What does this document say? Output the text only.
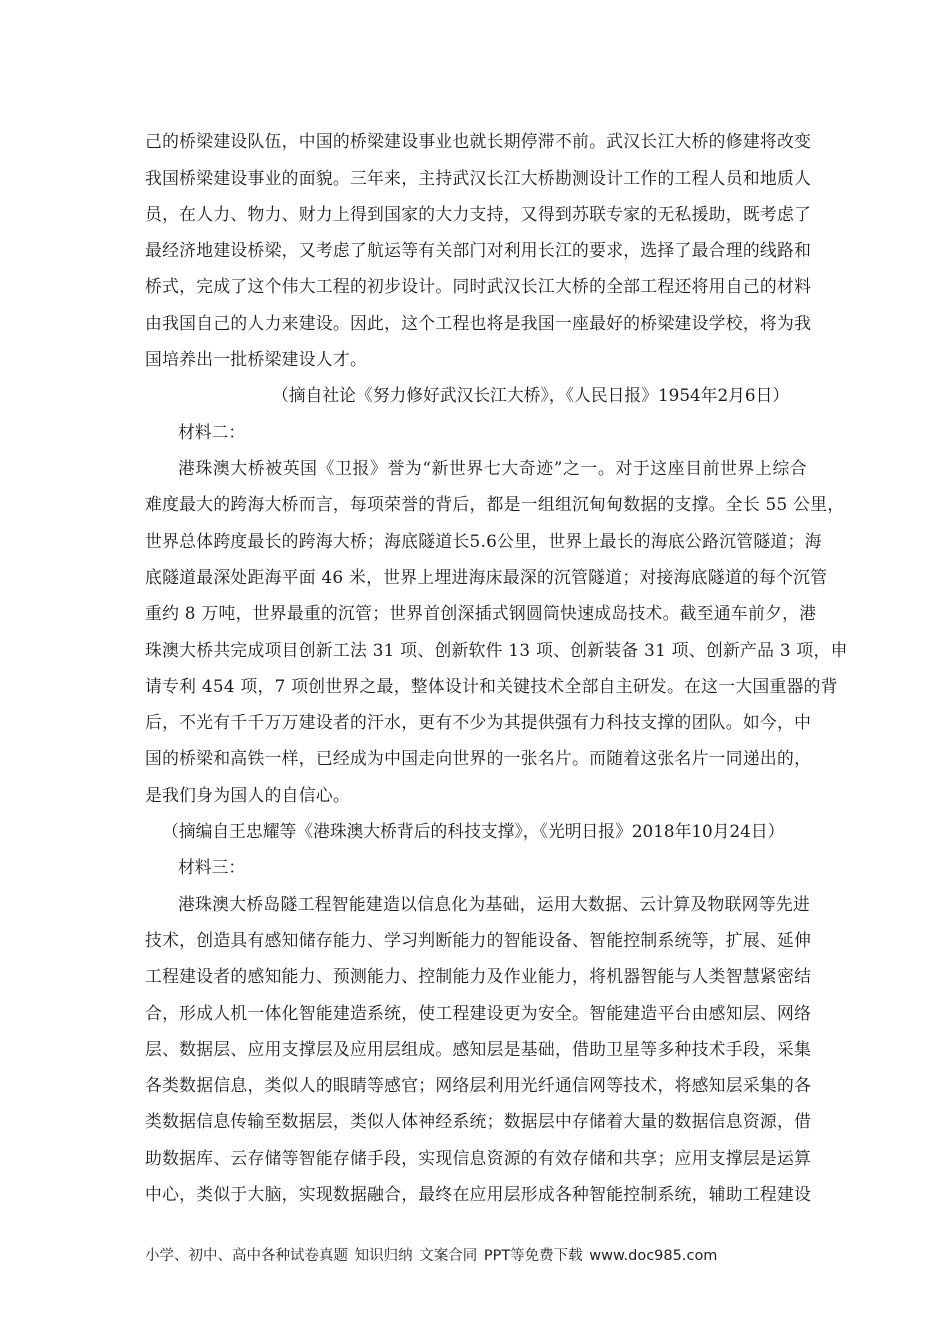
己的桥梁建设队伍，中国的桥梁建设事业也就长期停滞不前。武汉长江大桥的修建将改变
我国桥梁建设事业的面貌。三年来，主持武汉长江大桥勘测设计工作的工程人员和地质人
员，在人力、物力、财力上得到国家的大力支持，又得到苏联专家的无私援助，既考虑了
最经济地建设桥梁，又考虑了航运等有关部门对利用长江的要求，选择了最合理的线路和
桥式，完成了这个伟大工程的初步设计。同时武汉长江大桥的全部工程还将用自己的材料
由我国自己的人力来建设。因此，这个工程也将是我国一座最好的桥梁建设学校，将为我
国培养出一批桥梁建设人才。
（摘自社论《努力修好武汉长江大桥》，《人民日报》1954年2月6日）
材料二：
港珠澳大桥被英国《卫报》誉为“新世界七大奇迹”之一。对于这座目前世界上综合
难度最大的跨海大桥而言，每项荣誉的背后，都是一组组沉甸甸数据的支撑。全长 55 公里，
世界总体跨度最长的跨海大桥；海底隧道长5.6公里，世界上最长的海底公路沉管隧道；海
底隧道最深处距海平面 46 米，世界上埋进海床最深的沉管隧道；对接海底隧道的每个沉管
重约 8 万吨，世界最重的沉管；世界首创深插式钢圆筒快速成岛技术。截至通车前夕，港
珠澳大桥共完成项目创新工法 31 项、创新软件 13 项、创新装备 31 项、创新产品 3 项，申
请专利 454 项，7 项创世界之最，整体设计和关键技术全部自主研发。在这一大国重器的背
后，不光有千千万万建设者的汗水，更有不少为其提供强有力科技支撑的团队。如今，中
国的桥梁和高铁一样，已经成为中国走向世界的一张名片。而随着这张名片一同递出的，
是我们身为国人的自信心。
（摘编自王忠耀等《港珠澳大桥背后的科技支撑》，《光明日报》2018年10月24日）
材料三：
港珠澳大桥岛隧工程智能建造以信息化为基础，运用大数据、云计算及物联网等先进
技术，创造具有感知储存能力、学习判断能力的智能设备、智能控制系统等，扩展、延伸
工程建设者的感知能力、预测能力、控制能力及作业能力，将机器智能与人类智慧紧密结
合，形成人机一体化智能建造系统，使工程建设更为安全。智能建造平台由感知层、网络
层、数据层、应用支撑层及应用层组成。感知层是基础，借助卫星等多种技术手段，采集
各类数据信息，类似人的眼睛等感官；网络层利用光纤通信网等技术，将感知层采集的各
类数据信息传输至数据层，类似人体神经系统；数据层中存储着大量的数据信息资源，借
助数据库、云存储等智能存储手段，实现信息资源的有效存储和共享；应用支撑层是运算
中心，类似于大脑，实现数据融合，最终在应用层形成各种智能控制系统，辅助工程建设
小学、初中、高中各种试卷真题 知识归纳 文案合同 PPT等免费下载 www.doc985.com
